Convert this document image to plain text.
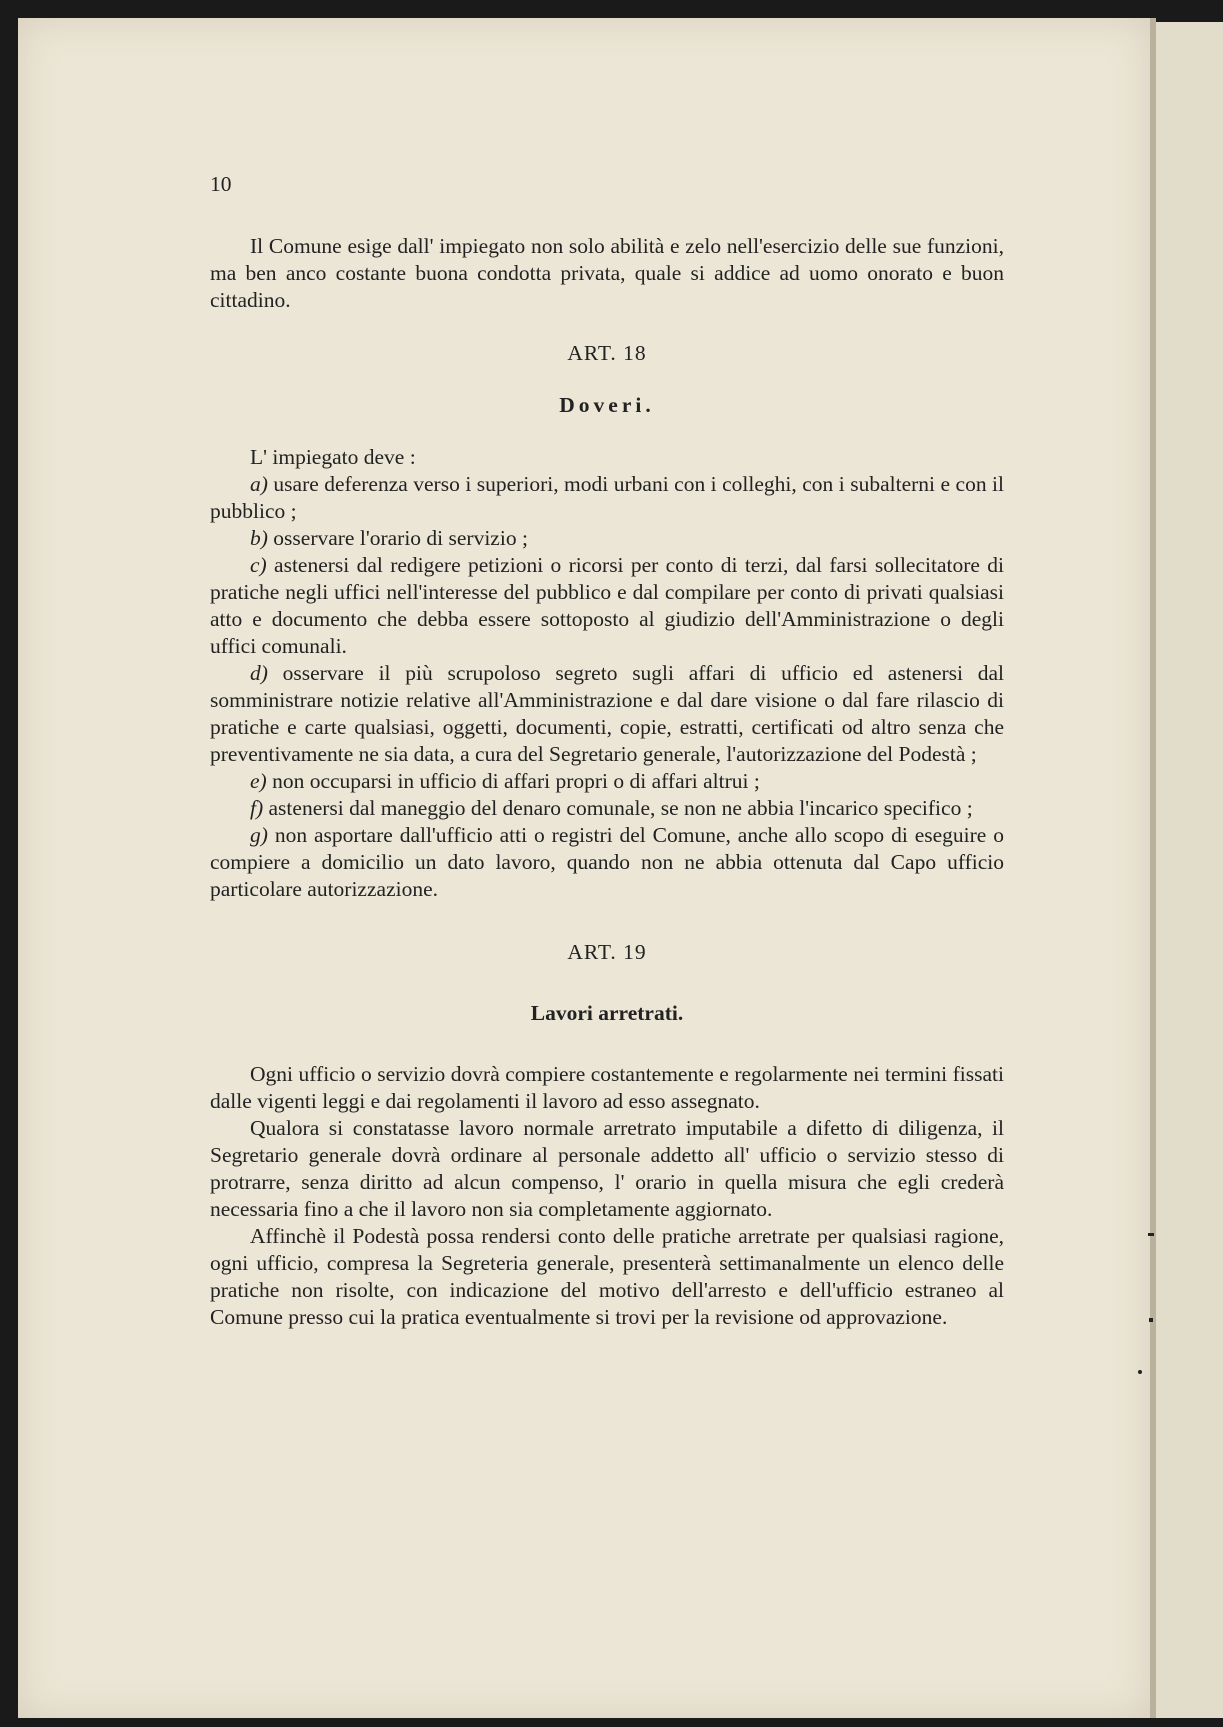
10

Il Comune esige dall' impiegato non solo abilità e zelo nell'esercizio delle sue funzioni, ma ben anco costante buona condotta privata, quale si addice ad uomo onorato e buon cittadino.

ART. 18

Doveri.

L' impiegato deve :

a) usare deferenza verso i superiori, modi urbani con i colleghi, con i subalterni e con il pubblico ;

b) osservare l'orario di servizio ;

c) astenersi dal redigere petizioni o ricorsi per conto di terzi, dal farsi sollecitatore di pratiche negli uffici nell'interesse del pubblico e dal compilare per conto di privati qualsiasi atto e documento che debba essere sottoposto al giudizio dell'Amministrazione o degli uffici comunali.

d) osservare il più scrupoloso segreto sugli affari di ufficio ed astenersi dal somministrare notizie relative all'Amministrazione e dal dare visione o dal fare rilascio di pratiche e carte qualsiasi, oggetti, documenti, copie, estratti, certificati od altro senza che preventivamente ne sia data, a cura del Segretario generale, l'autorizzazione del Podestà ;

e) non occuparsi in ufficio di affari propri o di affari altrui ;

f) astenersi dal maneggio del denaro comunale, se non ne abbia l'incarico specifico ;

g) non asportare dall'ufficio atti o registri del Comune, anche allo scopo di eseguire o compiere a domicilio un dato lavoro, quando non ne abbia ottenuta dal Capo ufficio particolare autorizzazione.

ART. 19

Lavori arretrati.

Ogni ufficio o servizio dovrà compiere costantemente e regolarmente nei termini fissati dalle vigenti leggi e dai regolamenti il lavoro ad esso assegnato.

Qualora si constatasse lavoro normale arretrato imputabile a difetto di diligenza, il Segretario generale dovrà ordinare al personale addetto all' ufficio o servizio stesso di protrarre, senza diritto ad alcun compenso, l' orario in quella misura che egli crederà necessaria fino a che il lavoro non sia completamente aggiornato.

Affinchè il Podestà possa rendersi conto delle pratiche arretrate per qualsiasi ragione, ogni ufficio, compresa la Segreteria generale, presenterà settimanalmente un elenco delle pratiche non risolte, con indicazione del motivo dell'arresto e dell'ufficio estraneo al Comune presso cui la pratica eventualmente si trovi per la revisione od approvazione.
